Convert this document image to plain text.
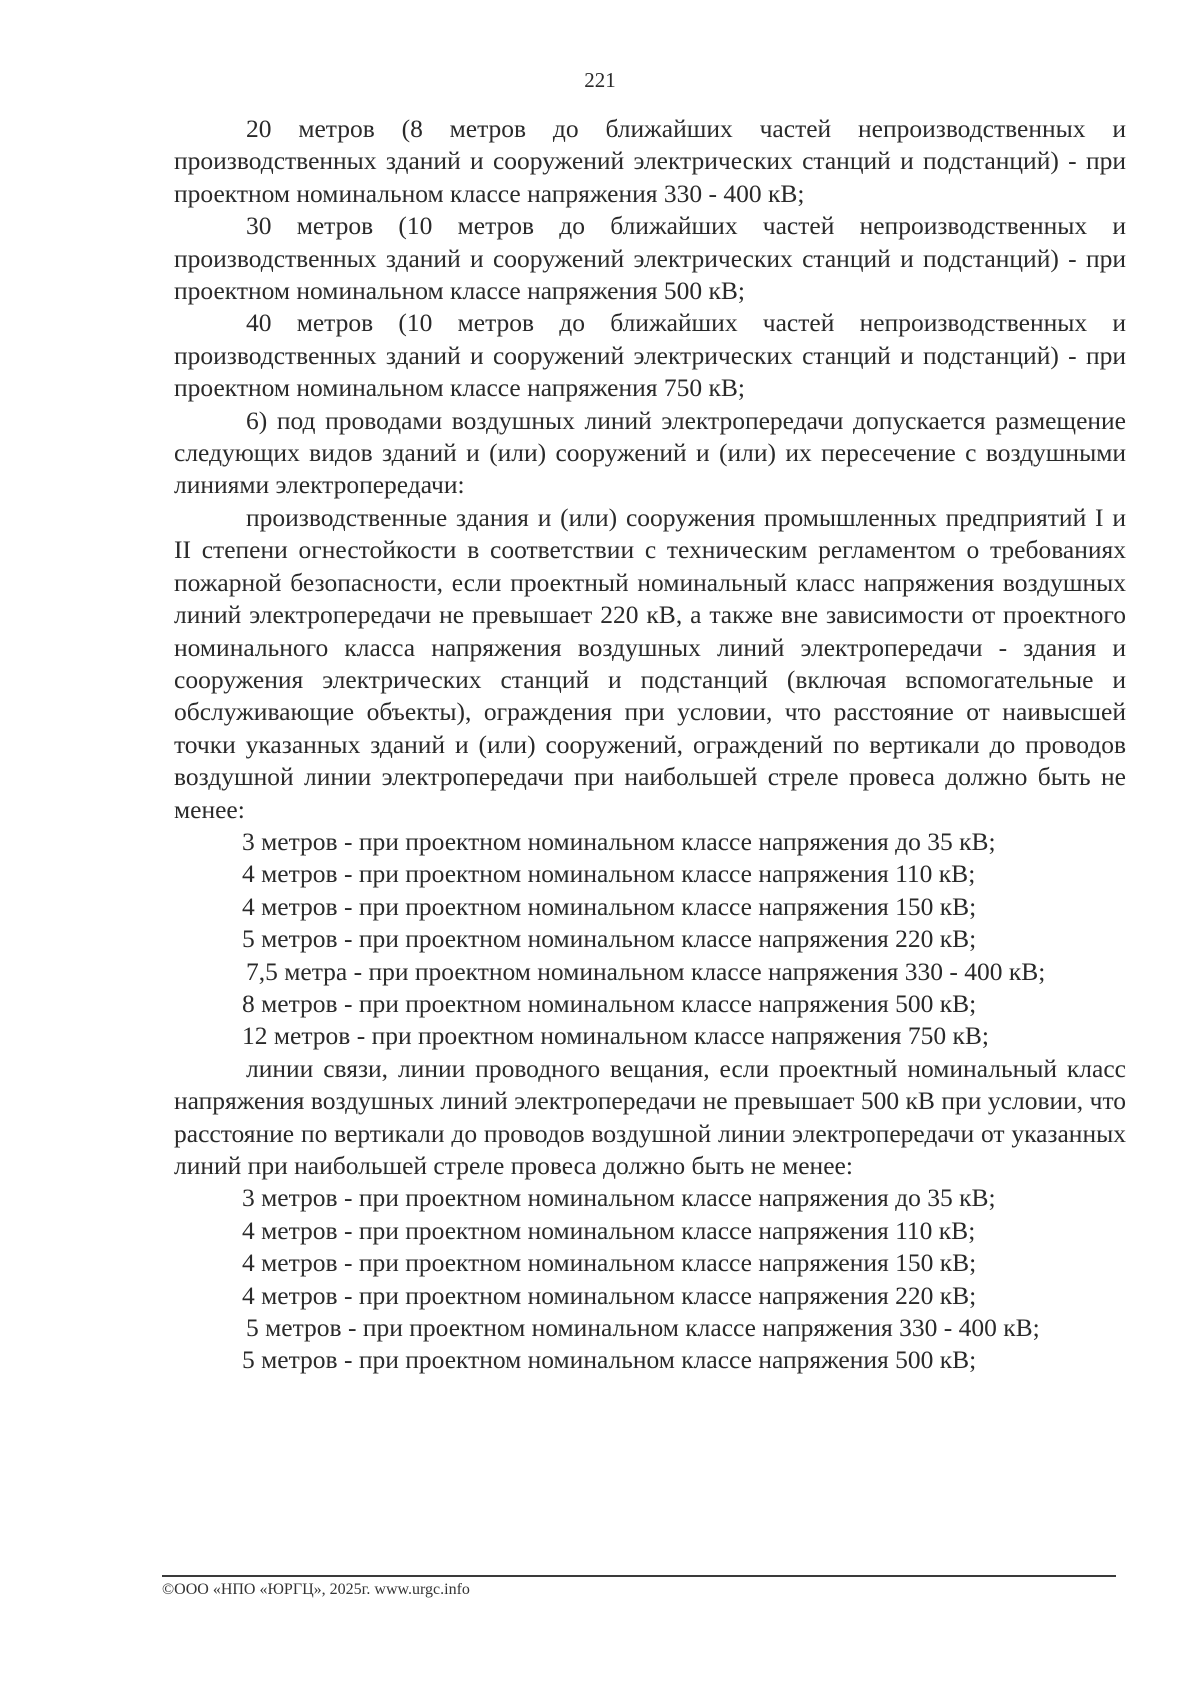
221

20 метров (8 метров до ближайших частей непроизводственных и производственных зданий и сооружений электрических станций и подстанций) - при проектном номинальном классе напряжения 330 - 400 кВ;

30 метров (10 метров до ближайших частей непроизводственных и производственных зданий и сооружений электрических станций и подстанций) - при проектном номинальном классе напряжения 500 кВ;

40 метров (10 метров до ближайших частей непроизводственных и производственных зданий и сооружений электрических станций и подстанций) - при проектном номинальном классе напряжения 750 кВ;

6) под проводами воздушных линий электропередачи допускается размещение следующих видов зданий и (или) сооружений и (или) их пересечение с воздушными линиями электропередачи:

производственные здания и (или) сооружения промышленных предприятий I и II степени огнестойкости в соответствии с техническим регламентом о требованиях пожарной безопасности, если проектный номинальный класс напряжения воздушных линий электропередачи не превышает 220 кВ, а также вне зависимости от проектного номинального класса напряжения воздушных линий электропередачи - здания и сооружения электрических станций и подстанций (включая вспомогательные и обслуживающие объекты), ограждения при условии, что расстояние от наивысшей точки указанных зданий и (или) сооружений, ограждений по вертикали до проводов воздушной линии электропередачи при наибольшей стреле провеса должно быть не менее:

3 метров - при проектном номинальном классе напряжения до 35 кВ;

4 метров - при проектном номинальном классе напряжения 110 кВ;

4 метров - при проектном номинальном классе напряжения 150 кВ;

5 метров - при проектном номинальном классе напряжения 220 кВ;

7,5 метра - при проектном номинальном классе напряжения 330 - 400 кВ;

8 метров - при проектном номинальном классе напряжения 500 кВ;

12 метров - при проектном номинальном классе напряжения 750 кВ;

линии связи, линии проводного вещания, если проектный номинальный класс напряжения воздушных линий электропередачи не превышает 500 кВ при условии, что расстояние по вертикали до проводов воздушной линии электропередачи от указанных линий при наибольшей стреле провеса должно быть не менее:

3 метров - при проектном номинальном классе напряжения до 35 кВ;

4 метров - при проектном номинальном классе напряжения 110 кВ;

4 метров - при проектном номинальном классе напряжения 150 кВ;

4 метров - при проектном номинальном классе напряжения 220 кВ;

5 метров - при проектном номинальном классе напряжения 330 - 400 кВ;

5 метров - при проектном номинальном классе напряжения 500 кВ;

©ООО «НПО «ЮРГЦ», 2025г. www.urgc.info
